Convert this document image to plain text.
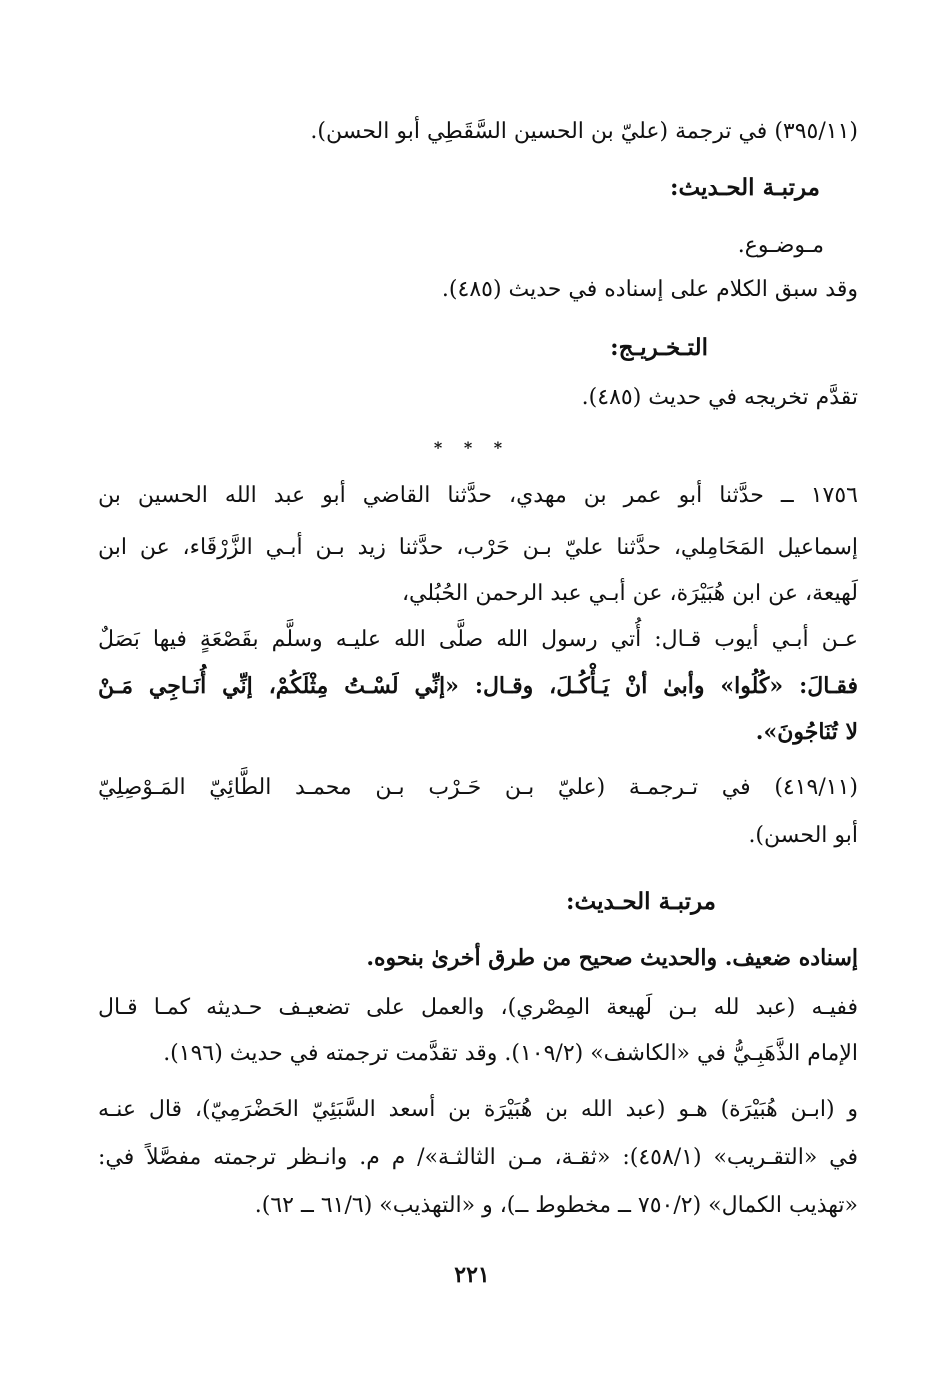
(٣٩٥/١١) في ترجمة (عليّ بن الحسين السَّقَطِي أبو الحسن).
مرتبـة الحـديث:
مـوضـوع.
وقد سبق الكلام على إسناده في حديث (٤٨٥).
التـخـريـج:
تقدَّم تخريجه في حديث (٤٨٥).
* * *
١٧٥٦ ــ حدَّثنا أبو عمر بن مهدي، حدَّثنا القاضي أبو عبد الله الحسين بن
إسماعيل المَحَامِلي، حدَّثنا عليّ بـن حَرْب، حدَّثنا زيد بـن أبـي الزَّرْقَاء، عن ابن
لَهيعة، عن ابن هُبَيْرَة، عن أبـي عبد الرحمن الحُبُلي،
عـن أبـي أيوب قـال: أُتي رسول الله صلَّى الله عليـه وسلَّم بقَصْعَةٍ فيها بَصَلٌ
فقـالَ: «كُلُوا» وأبىٰ أنْ يَـأْكُـلَ، وقـال: «إنِّي لَسْـتُ مِثْلَكُمْ، إنِّي أُنَـاجِي مَـنْ
لا تُنَاجُونَ».
(٤١٩/١١) في تـرجمـة (عليّ بـن حَـرْب بـن محمـد الطَّائِيّ المَـوْصِلِيّ
أبو الحسن).
مرتبـة الحـديث:
إسناده ضعيف. والحديث صحيح من طرق أخرىٰ بنحوه.
ففيـه (عبد لله بـن لَهيعة المِصْري)، والعمل على تضعيـف حـديثه كمـا قـال
الإمام الذَّهَبِـيُّ في «الكاشف» (١٠٩/٢). وقد تقدَّمت ترجمته في حديث (١٩٦).
و (ابـن هُبَيْرَة) هـو (عبد الله بن هُبَيْرَة بن أسعد السَّبَئِيّ الحَضْرَمِيّ)، قال عنـه
في «التقـريب» (٤٥٨/١): «ثقـة، مـن الثالثـة»/ م م. وانـظر ترجمته مفصَّلاً في:
«تهذيب الكمال» (٧٥٠/٢ ــ مخطوط ــ)، و «التهذيب» (٦١/٦ ــ ٦٢).
٢٢١
